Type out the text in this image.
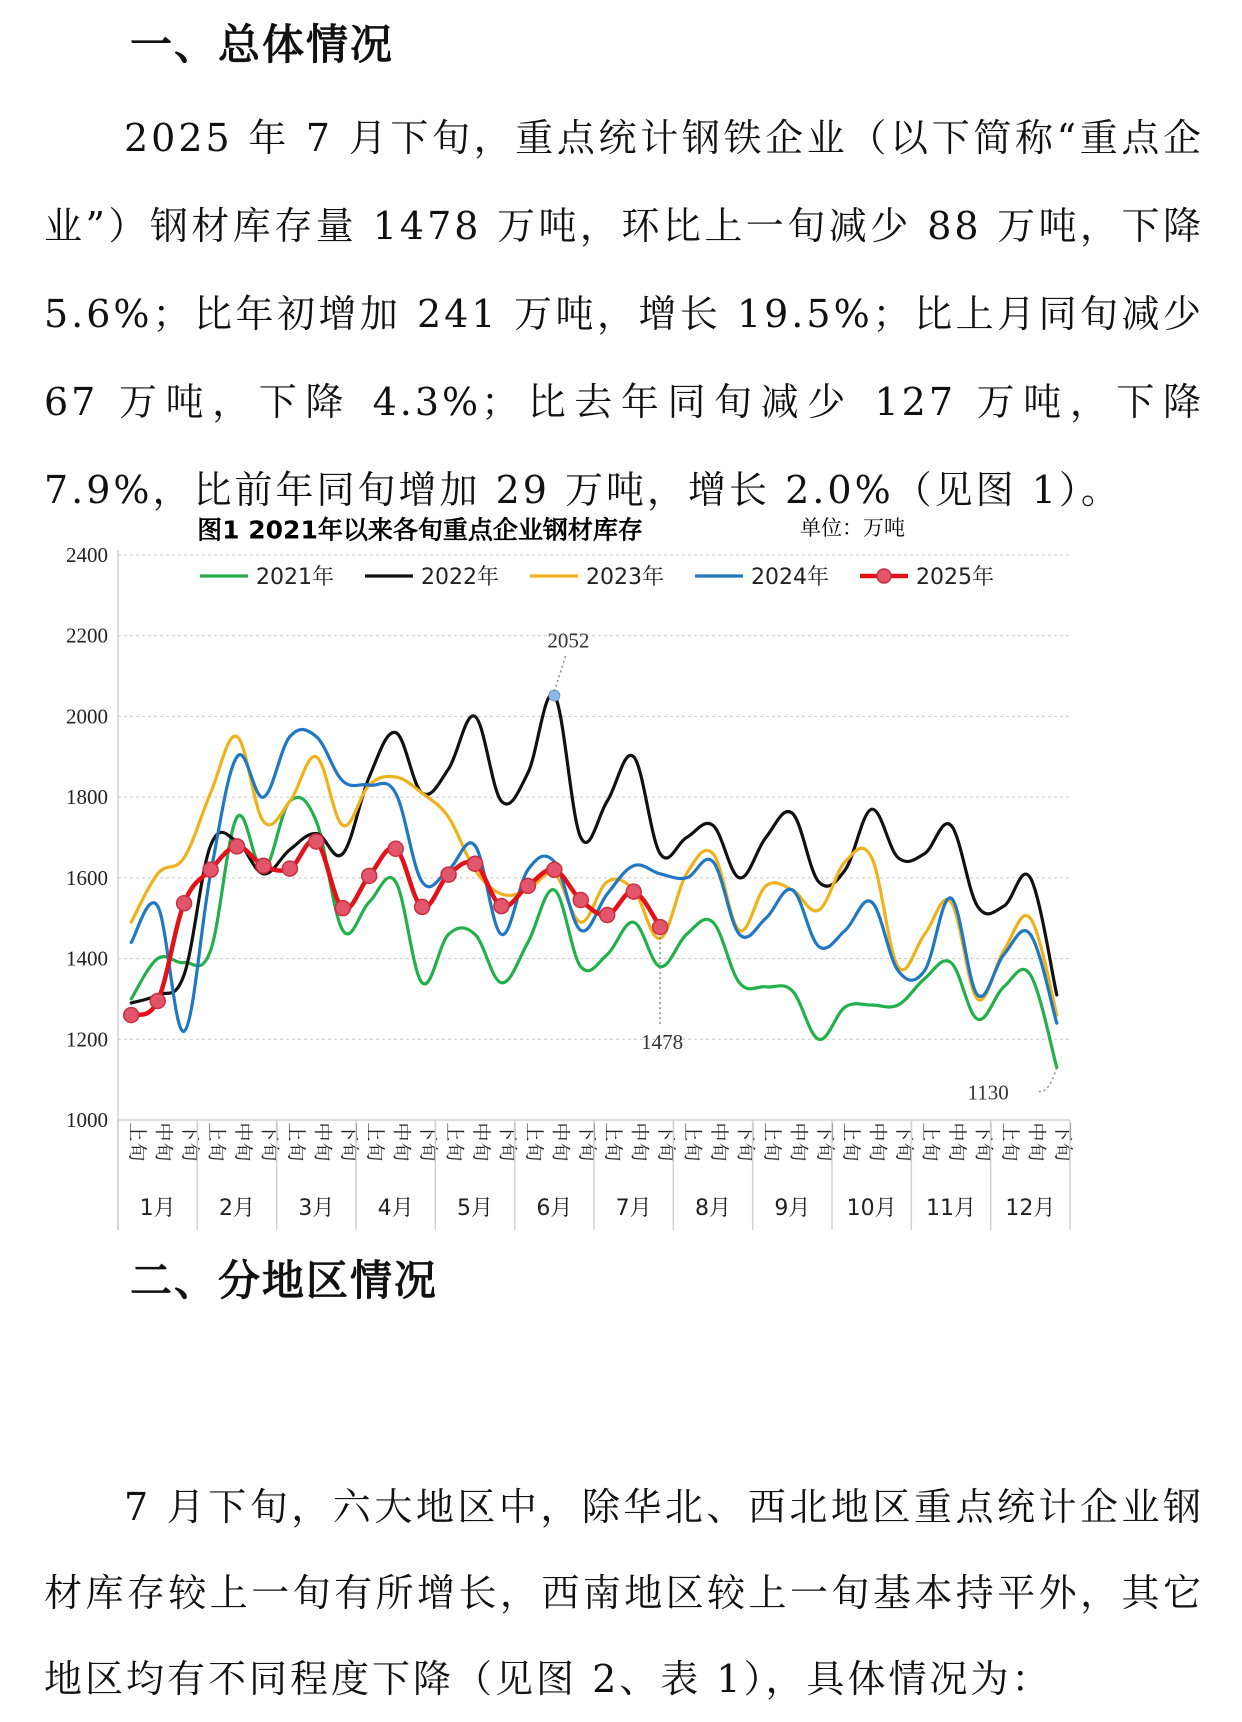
一、总体情况

2025 年 7 月下旬，重点统计钢铁企业（以下简称“重点企业”）钢材库存量 1478 万吨，环比上一旬减少 88 万吨，下降 5.6%；比年初增加 241 万吨，增长 19.5%；比上月同旬减少 67 万吨，下降 4.3%；比去年同旬减少 127 万吨，下降 7.9%，比前年同旬增加 29 万吨，增长 2.0%（见图 1）。

图1 2021年以来各旬重点企业钢材库存	单位：万吨
1000
1200
1400
1600
1800
2000
2200
2400
上
旬
中
旬
下
旬
上
旬
中
旬
下
旬
上
旬
中
旬
下
旬
上
旬
中
旬
下
旬
上
旬
中
旬
下
旬
上
旬
中
旬
下
旬
上
旬
中
旬
下
旬
上
旬
中
旬
下
旬
上
旬
中
旬
下
旬
上
旬
中
旬
下
旬
上
旬
中
旬
下
旬
上
旬
中
旬
下
旬
1月 2月 3月 4月 5月 6月 7月 8月 9月 10月 11月 12月
2052
1478
1130
2021年	2022年	2023年	2024年	2025年
二、分地区情况

7 月下旬，六大地区中，除华北、西北地区重点统计企业钢材库存较上一旬有所增长，西南地区较上一旬基本持平外，其它地区均有不同程度下降（见图 2、表 1），具体情况为：
